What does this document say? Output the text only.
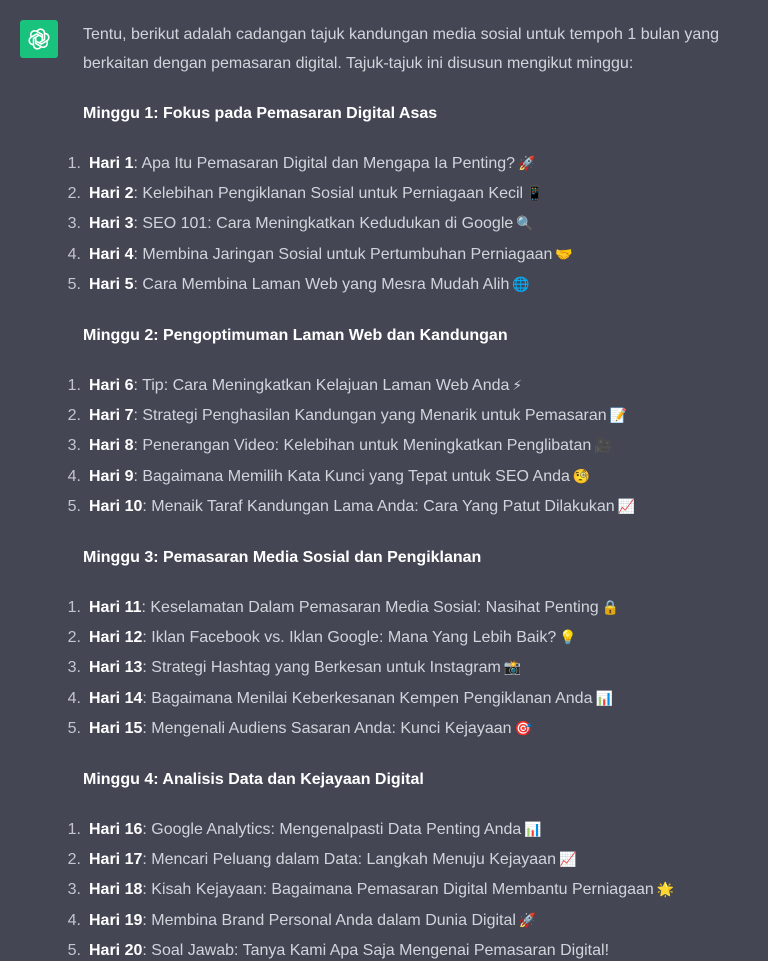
Tentu, berikut adalah cadangan tajuk kandungan media sosial untuk tempoh 1 bulan yang berkaitan dengan pemasaran digital. Tajuk-tajuk ini disusun mengikut minggu:

Minggu 1: Fokus pada Pemasaran Digital Asas

1. Hari 1: Apa Itu Pemasaran Digital dan Mengapa Ia Penting? 🚀
2. Hari 2: Kelebihan Pengiklanan Sosial untuk Perniagaan Kecil 📱
3. Hari 3: SEO 101: Cara Meningkatkan Kedudukan di Google 🔍
4. Hari 4: Membina Jaringan Sosial untuk Pertumbuhan Perniagaan 🤝
5. Hari 5: Cara Membina Laman Web yang Mesra Mudah Alih 🌐

Minggu 2: Pengoptimuman Laman Web dan Kandungan

1. Hari 6: Tip: Cara Meningkatkan Kelajuan Laman Web Anda ⚡
2. Hari 7: Strategi Penghasilan Kandungan yang Menarik untuk Pemasaran 📝
3. Hari 8: Penerangan Video: Kelebihan untuk Meningkatkan Penglibatan 🎥
4. Hari 9: Bagaimana Memilih Kata Kunci yang Tepat untuk SEO Anda 🧐
5. Hari 10: Menaik Taraf Kandungan Lama Anda: Cara Yang Patut Dilakukan 📈

Minggu 3: Pemasaran Media Sosial dan Pengiklanan

1. Hari 11: Keselamatan Dalam Pemasaran Media Sosial: Nasihat Penting 🔒
2. Hari 12: Iklan Facebook vs. Iklan Google: Mana Yang Lebih Baik? 💡
3. Hari 13: Strategi Hashtag yang Berkesan untuk Instagram 📸
4. Hari 14: Bagaimana Menilai Keberkesanan Kempen Pengiklanan Anda 📊
5. Hari 15: Mengenali Audiens Sasaran Anda: Kunci Kejayaan 🎯

Minggu 4: Analisis Data dan Kejayaan Digital

1. Hari 16: Google Analytics: Mengenalpasti Data Penting Anda 📊
2. Hari 17: Mencari Peluang dalam Data: Langkah Menuju Kejayaan 📈
3. Hari 18: Kisah Kejayaan: Bagaimana Pemasaran Digital Membantu Perniagaan 🌟
4. Hari 19: Membina Brand Personal Anda dalam Dunia Digital 🚀
5. Hari 20: Soal Jawab: Tanya Kami Apa Saja Mengenai Pemasaran Digital!
